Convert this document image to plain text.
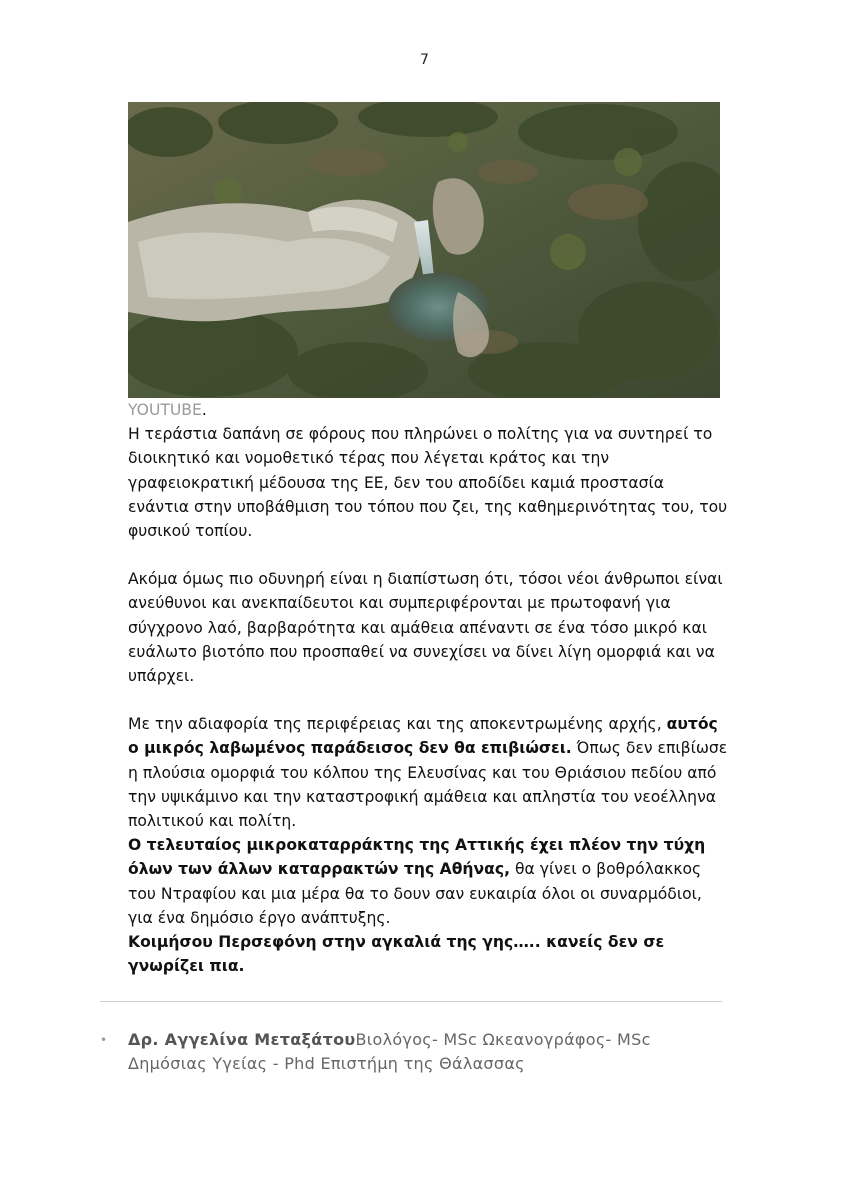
7
YOUTUBE.

Η τεράστια δαπάνη σε φόρους που πληρώνει ο πολίτης για να συντηρεί το διοικητικό και νομοθετικό τέρας που λέγεται κράτος και την γραφειοκρατική μέδουσα της ΕΕ, δεν του αποδίδει καμιά προστασία ενάντια στην υποβάθμιση του τόπου που ζει, της καθημερινότητας του, του φυσικού τοπίου.

Ακόμα όμως πιο οδυνηρή είναι η διαπίστωση ότι, τόσοι νέοι άνθρωποι είναι ανεύθυνοι και ανεκπαίδευτοι και συμπεριφέρονται με πρωτοφανή για σύγχρονο λαό, βαρβαρότητα και αμάθεια απέναντι σε ένα τόσο μικρό και ευάλωτο βιοτόπο που προσπαθεί να συνεχίσει να δίνει λίγη ομορφιά και να υπάρχει.

Με την αδιαφορία της περιφέρειας και της αποκεντρωμένης αρχής, αυτός ο μικρός λαβωμένος παράδεισος δεν θα επιβιώσει. Όπως δεν επιβίωσε η πλούσια ομορφιά του κόλπου της Ελευσίνας και του Θριάσιου πεδίου από την υψικάμινο και την καταστροφική αμάθεια και απληστία του νεοέλληνα πολιτικού και πολίτη.

Ο τελευταίος μικροκαταρράκτης της Αττικής έχει πλέον την τύχη όλων των άλλων καταρρακτών της Αθήνας, θα γίνει ο βοθρόλακκος του Ντραφίου και μια μέρα θα το δουν σαν ευκαιρία όλοι οι συναρμόδιοι, για ένα δημόσιο έργο ανάπτυξης.

Κοιμήσου Περσεφόνη στην αγκαλιά της γης….. κανείς δεν σε γνωρίζει πια.

• Δρ. Αγγελίνα ΜεταξάτουΒιολόγος- MSc Ωκεανογράφος- MSc Δημόσιας Υγείας - Phd Επιστήμη της Θάλασσας
